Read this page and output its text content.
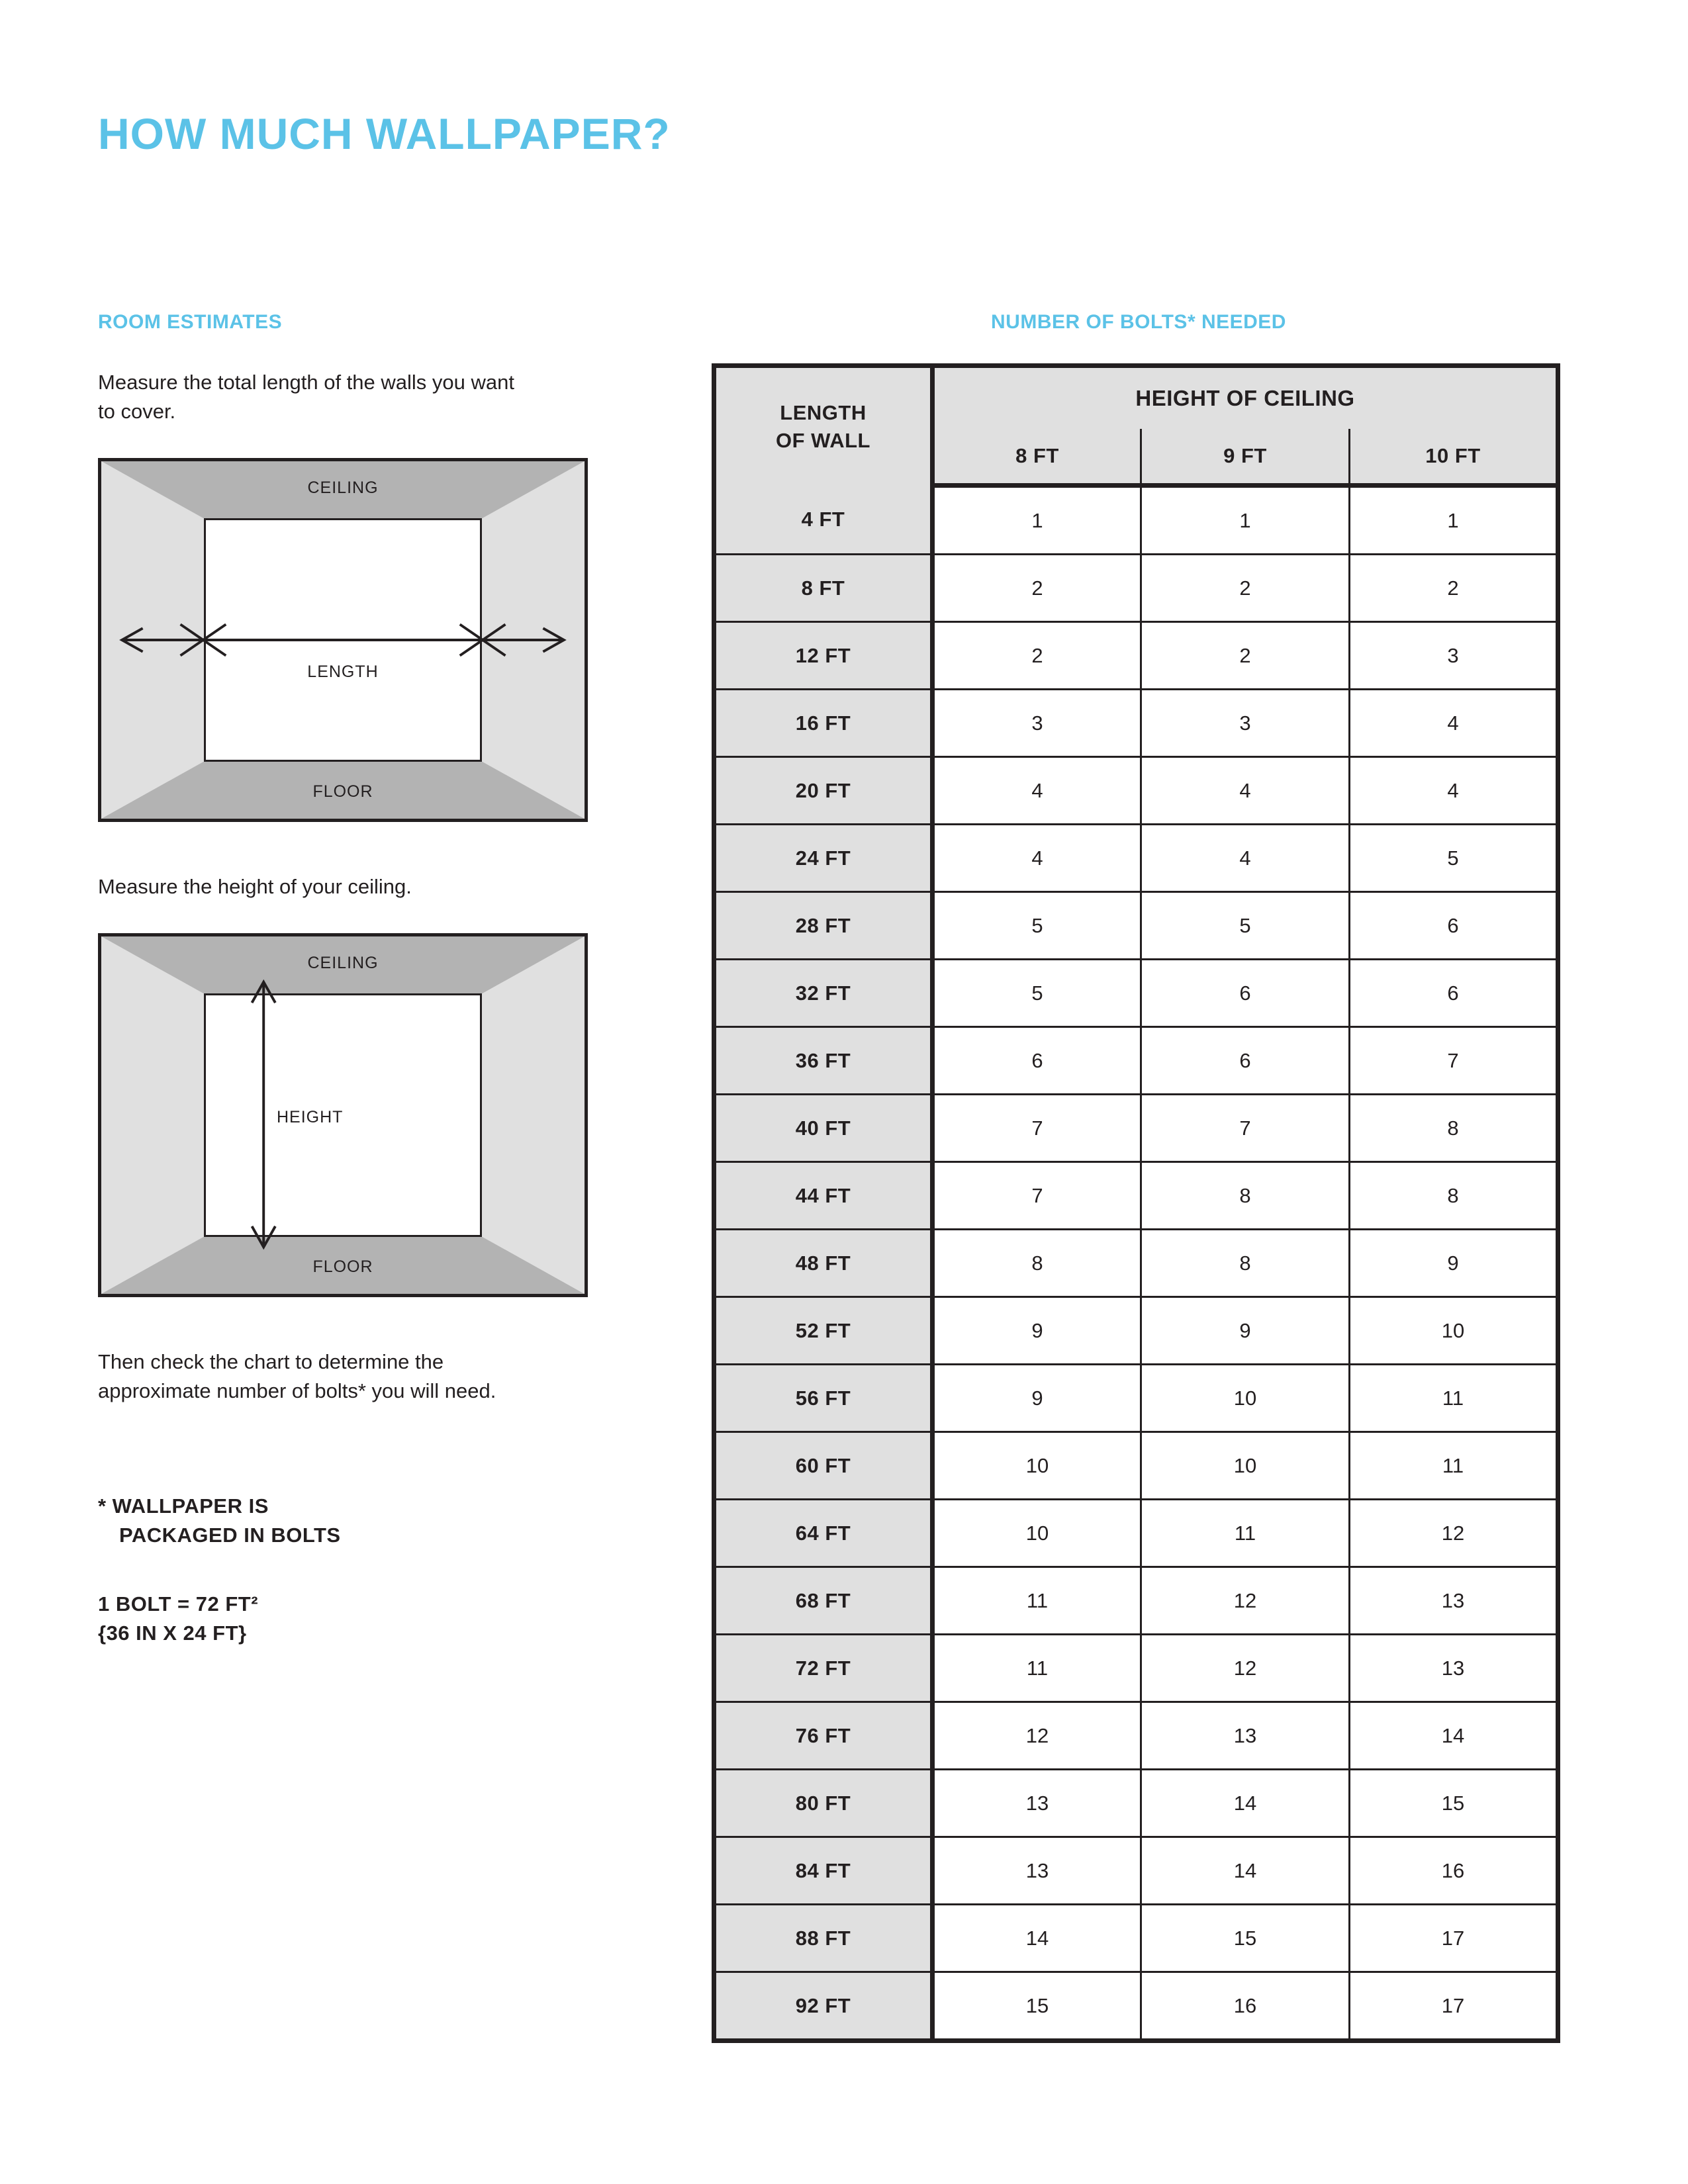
HOW MUCH WALLPAPER?
ROOM ESTIMATES

Measure the total length of the walls you want to cover.

CEILING
FLOOR
LENGTH

Measure the height of your ceiling.

CEILING
FLOOR
HEIGHT

Then check the chart to determine the approximate number of bolts* you will need.

* WALLPAPER IS

PACKAGED IN BOLTS

1 BOLT = 72 FT²

{36 IN X 24 FT}

NUMBER OF BOLTS* NEEDED
LENGTH
OF WALL	HEIGHT OF CEILING		
	8 FT	9 FT	10 FT
4 FT	1	1	1
8 FT	2	2	2
12 FT	2	2	3
16 FT	3	3	4
20 FT	4	4	4
24 FT	4	4	5
28 FT	5	5	6
32 FT	5	6	6
36 FT	6	6	7
40 FT	7	7	8
44 FT	7	8	8
48 FT	8	8	9
52 FT	9	9	10
56 FT	9	10	11
60 FT	10	10	11
64 FT	10	11	12
68 FT	11	12	13
72 FT	11	12	13
76 FT	12	13	14
80 FT	13	14	15
84 FT	13	14	16
88 FT	14	15	17
92 FT	15	16	17
